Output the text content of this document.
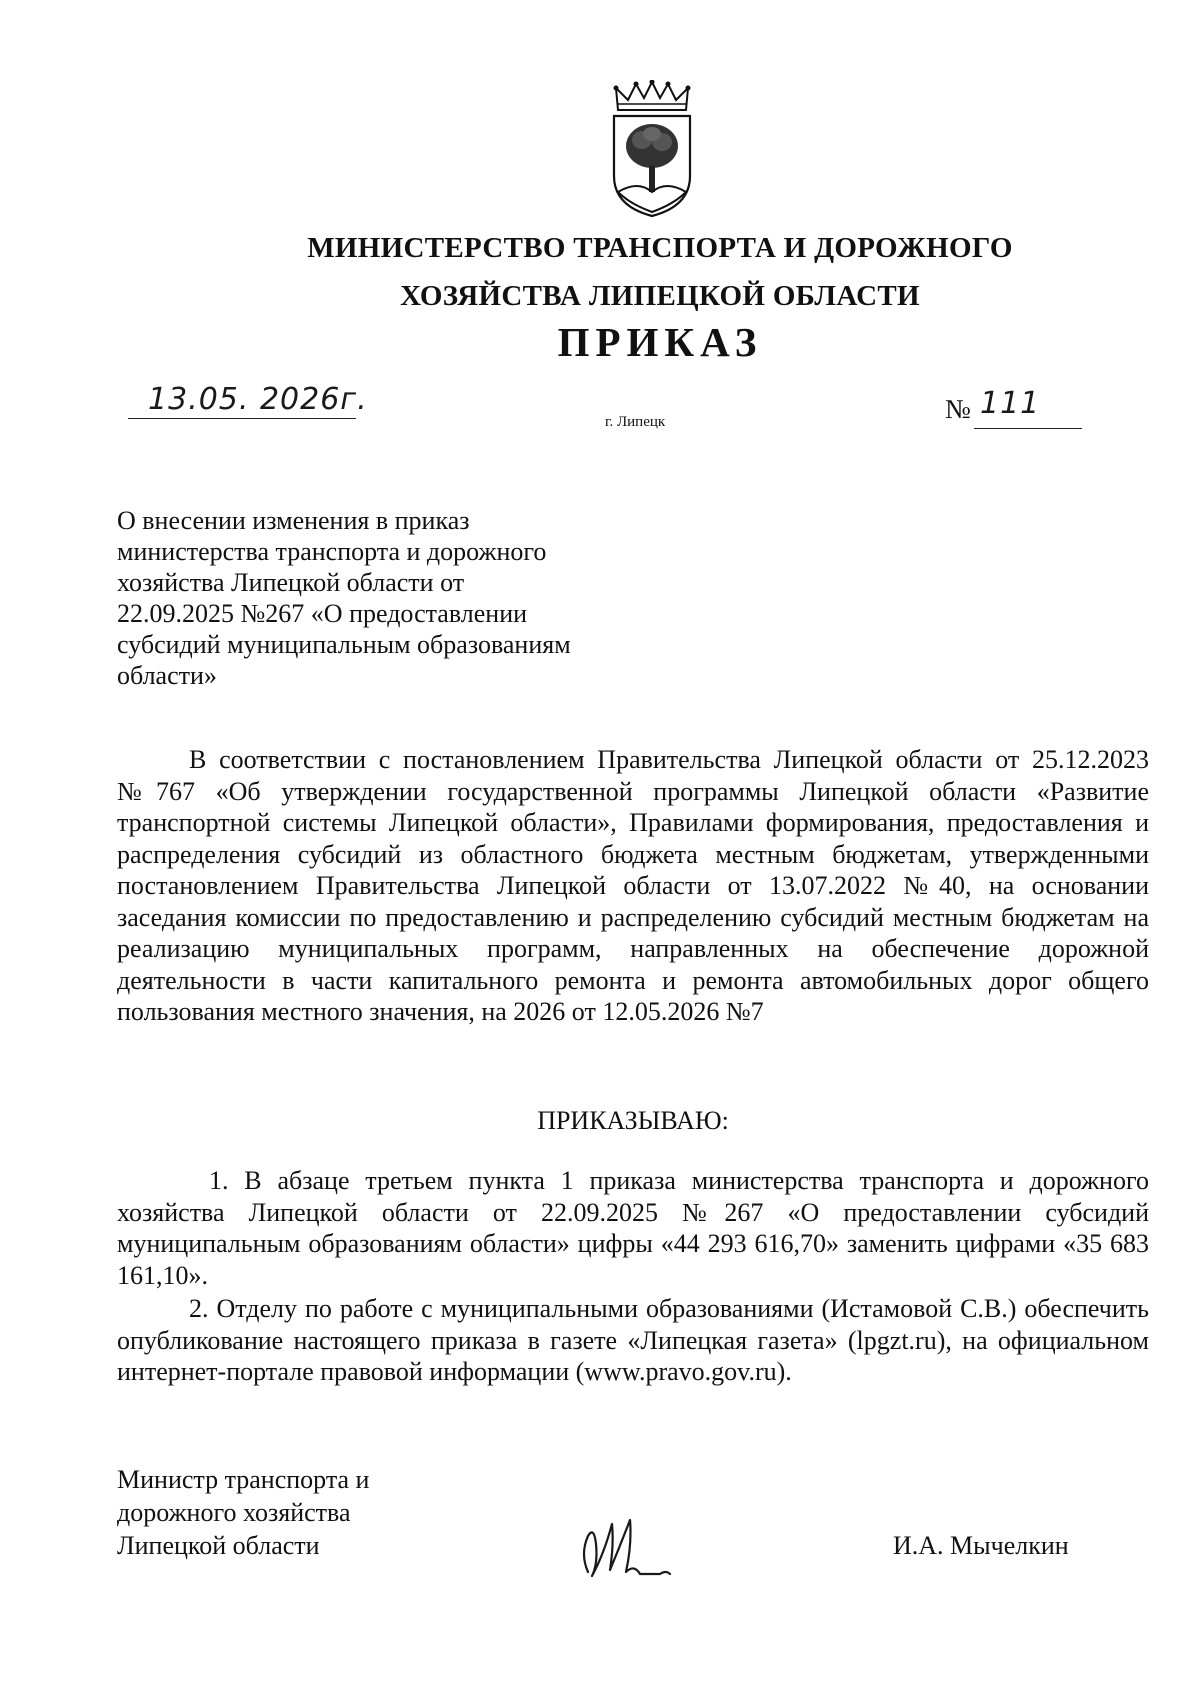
МИНИСТЕРСТВО ТРАНСПОРТА И ДОРОЖНОГО
ХОЗЯЙСТВА ЛИПЕЦКОЙ ОБЛАСТИ
ПРИКАЗ
13.05. 2026г.
г. Липецк	№ 111
О внесении изменения в приказ
министерства транспорта и дорожного
хозяйства Липецкой области от
22.09.2025 №267 «О предоставлении
субсидий муниципальным образованиям
области»
В соответствии с постановлением Правительства Липецкой области от 25.12.2023 №767 «Об утверждении государственной программы Липецкой области «Развитие транспортной системы Липецкой области», Правилами формирования, предоставления и распределения субсидий из областного бюджета местным бюджетам, утвержденными постановлением Правительства Липецкой области от 13.07.2022 №40, на основании заседания комиссии по предоставлению и распределению субсидий местным бюджетам на реализацию муниципальных программ, направленных на обеспечение дорожной деятельности в части капитального ремонта и ремонта автомобильных дорог общего пользования местного значения, на 2026 от 12.05.2026 №7
ПРИКАЗЫВАЮ:
1. В абзаце третьем пункта 1 приказа министерства транспорта и дорожного хозяйства Липецкой области от 22.09.2025 №267 «О предоставлении субсидий муниципальным образованиям области» цифры «44 293 616,70» заменить цифрами «35 683 161,10».
2. Отделу по работе с муниципальными образованиями (Истамовой С.В.) обеспечить опубликование настоящего приказа в газете «Липецкая газета» (lpgzt.ru), на официальном интернет-портале правовой информации (www.pravo.gov.ru).
Министр транспорта и
дорожного хозяйства
Липецкой области	И.А. Мычелкин
